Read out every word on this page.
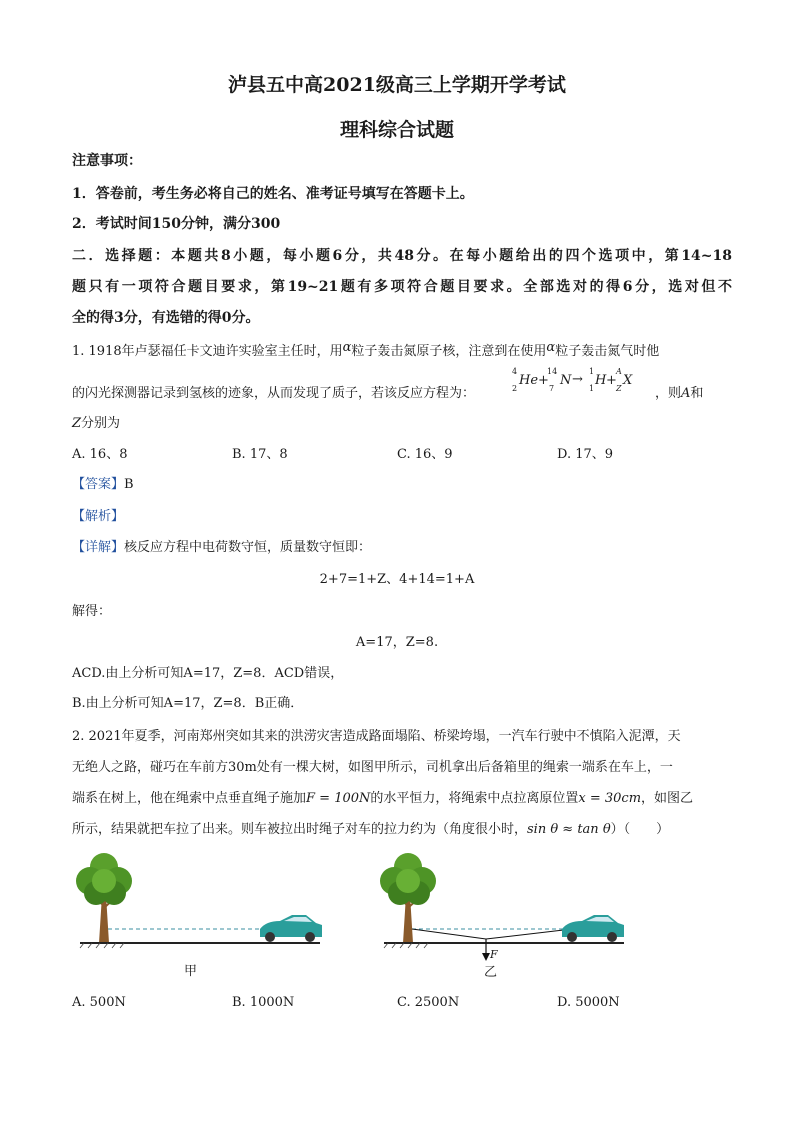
泸县五中高2021级高三上学期开学考试
理科综合试题
注意事项：
1．答卷前，考生务必将自己的姓名、准考证号填写在答题卡上。
2．考试时间150分钟，满分300
二．选择题：本题共8小题，每小题6分，共48分。在每小题给出的四个选项中，第14~18
题只有一项符合题目要求，第19~21题有多项符合题目要求。全部选对的得6分，选对但不
全的得3分，有选错的得0分。
1. 1918年卢瑟福任卡文迪许实验室主任时，用α粒子轰击氮原子核，注意到在使用α粒子轰击氮气时他
的闪光探测器记录到氢核的迹象，从而发现了质子，若该反应方程为：
4
2
He +
14
7
N →
1
1
H +
A
Z
X
，则A和
Z分别为
A. 16、8	B. 17、8	C. 16、9	D. 17、9
【答案】B
【解析】
【详解】核反应方程中电荷数守恒，质量数守恒即：
2+7=1+Z、4+14=1+A
解得：
A=17，Z=8.
ACD.由上分析可知A=17，Z=8．ACD错误，
B.由上分析可知A=17，Z=8．B正确．
2. 2021年夏季，河南郑州突如其来的洪涝灾害造成路面塌陷、桥梁垮塌，一汽车行驶中不慎陷入泥潭，天
无绝人之路，碰巧在车前方30m处有一棵大树，如图甲所示，司机拿出后备箱里的绳索一端系在车上，一
端系在树上，他在绳索中点垂直绳子施加F = 100N的水平恒力，将绳索中点拉离原位置x = 30cm，如图乙
所示，结果就把车拉了出来。则车被拉出时绳子对车的拉力约为（角度很小时，sin θ ≈ tan θ）（　　）
甲
F
乙
A. 500N	B. 1000N	C. 2500N	D. 5000N
